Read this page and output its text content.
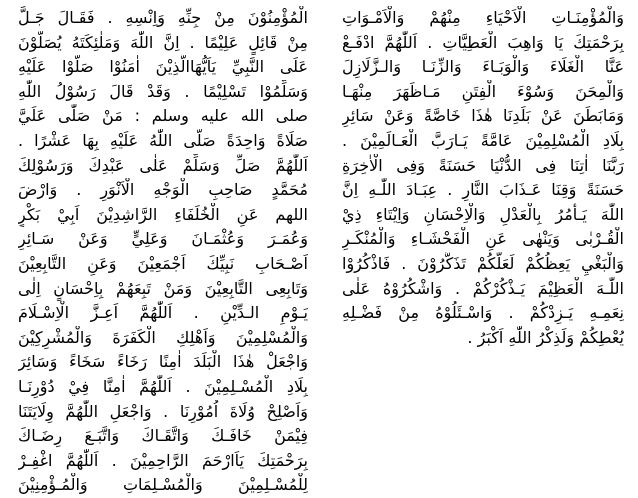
وَالْمُؤْمِنَـاتِ الْاَحْيَاءِ مِنْهُمْ وَالْاَمْـوَاتِ
بِرَحْمَتِكَ يَا وَاهِبَ الْعَطِيَّاتِ . اَللّٰهُمَّ ادْفَـعْ
عَنَّا الْغَلَاءَ وَالْوَبَـاءَ وَالزِّنَـا وَالـزَّلَازِلَ
وَالْمِحَنَ وَسُوْءَ الْفِتَنِ مَـاظَهَرَ مِنْهَـا
وَمَابَطَنَ عَنْ بَلَدِنَا هٰذَا خَاصَّةً وَعَنْ سَائِرِ
بِلَادِ الْمُسْلِمِيْنَ عَامَّةً يَـارَبَّ الْعَـالَمِيْنَ .
رَبَّنَا اٰتِنَا فِى الدُّنْيَا حَسَنَةً وَفِى الْاٰخِرَةِ
حَسَنَةً وَقِنَا عَـذَابَ النَّارِ . عِبَـادَ اللّٰـهِ اِنَّ
اللّٰهَ يَـأْمُرُ بِالْعَدْلِ وَالْاِحْسَانِ وَاِيْتَاءِ ذِيْ
الْقُـرْبٰى وَيَنْهٰى عَنِ الْفَحْشَـاءِ وَالْمُنْكَـرِ
وَالْبَغْيِ يَعِظُكُمْ لَعَلَّكُمْ تَذَكَّرُوْنَ . فَاذْكُرُوْا
اللّٰـهَ الْعَظِيْمَ يَـذْكُرْكُمْ . وَاشْكُرُوْهُ عَلٰى
نِعَمِـهِ يَـزِدْكُمْ . وَاسْـئَلُوْهُ مِنْ فَضْـلِهِ
يُعْطِكُمْ وَلَذِكْرُ اللّٰهِ اَكْبَرُ .
الْمُؤْمِنُوْنَ مِنْ جِنِّهِ وَاِنْسِهِ . فَقَـالَ جَـلَّ
مِنْ قَائِلٍ عَلِيْمًا . اِنَّ اللّٰهَ وَمَلٰئِكَتَهُ يُصَلُّوْنَ
عَلَى النَّبِيِّ يَاَيُّهَاالَّذِيْنَ اٰمَنُوْا صَلُّوْا عَلَيْهِ
وَسَلِّمُوْا تَسْلِيْمًا . وَقَدْ قَالَ رَسُوْلُ اللّٰهِ
صلى الله عليه وسلم : مَنْ صَلّٰى عَلَيَّ
صَلَاةً وَاحِدَةً صَلَّى اللّٰهُ عَلَيْهِ بِهَا عَشْرًا .
اَللّٰهُمَّ صَلِّ وَسَلِّمْ عَلٰى عَبْدِكَ وَرَسُوْلِكَ
مُحَمَّدٍ صَاحِبِ الْوَجْهِ الْاَنْوَرِ . وَارْضَ
اللهم عَنِ الْخُلَفَاءِ الرَّاشِدِيْنَ اَبِيْ بَكْرٍ
وَعُمَـرَ وَعُثْمَـانَ وَعَلِيٍّ وَعَنْ سَـائِرِ
اَصْـحَابِ نَبِيِّكَ اَجْمَعِيْنَ وَعَنِ التَّابِعِيْنَ
وَتَابِعِى التَّابِعِيْنَ وَمَنْ تَبِعَهُمْ بِاِحْسَانٍ اِلٰى
يَـوْمِ الـدِّيْنِ . اَللّٰهُمَّ اَعِـزَّ الْاِسْـلَامَ
وَالْمُسْلِمِيْنَ وَاَهْلِكِ الْكَفَرَةَ وَالْمُشْرِكِيْنَ
وَاجْعَلْ هٰذَا الْبَلَدَ اٰمِنًا رَخَاءً سَخَاءً وَسَائِرَ
بِلَادِ الْمُسْـلِمِيْنَ . اَللّٰهُمَّ اٰمِنَّا فِيْ دُوْرِنَـا
وَاَصْلِحْ وُلَاةَ اُمُوْرِنَا . وَاجْعَلِ اللّٰهُمَّ وِلَايَتَنَا
فِيْمَنْ خَافَـكَ وَاتَّقَـاكَ وَاتَّبَـعَ رِضَـاكَ
بِرَحْمَتِكَ يَاَارْحَمَ الرَّاحِمِيْنَ . اَللّٰهُمَّ اغْفِـرْ
لِلْمُسْـلِمِيْنَ وَالْمُسْـلِمَاتِ وَالْمُـؤْمِنِيْنَ
